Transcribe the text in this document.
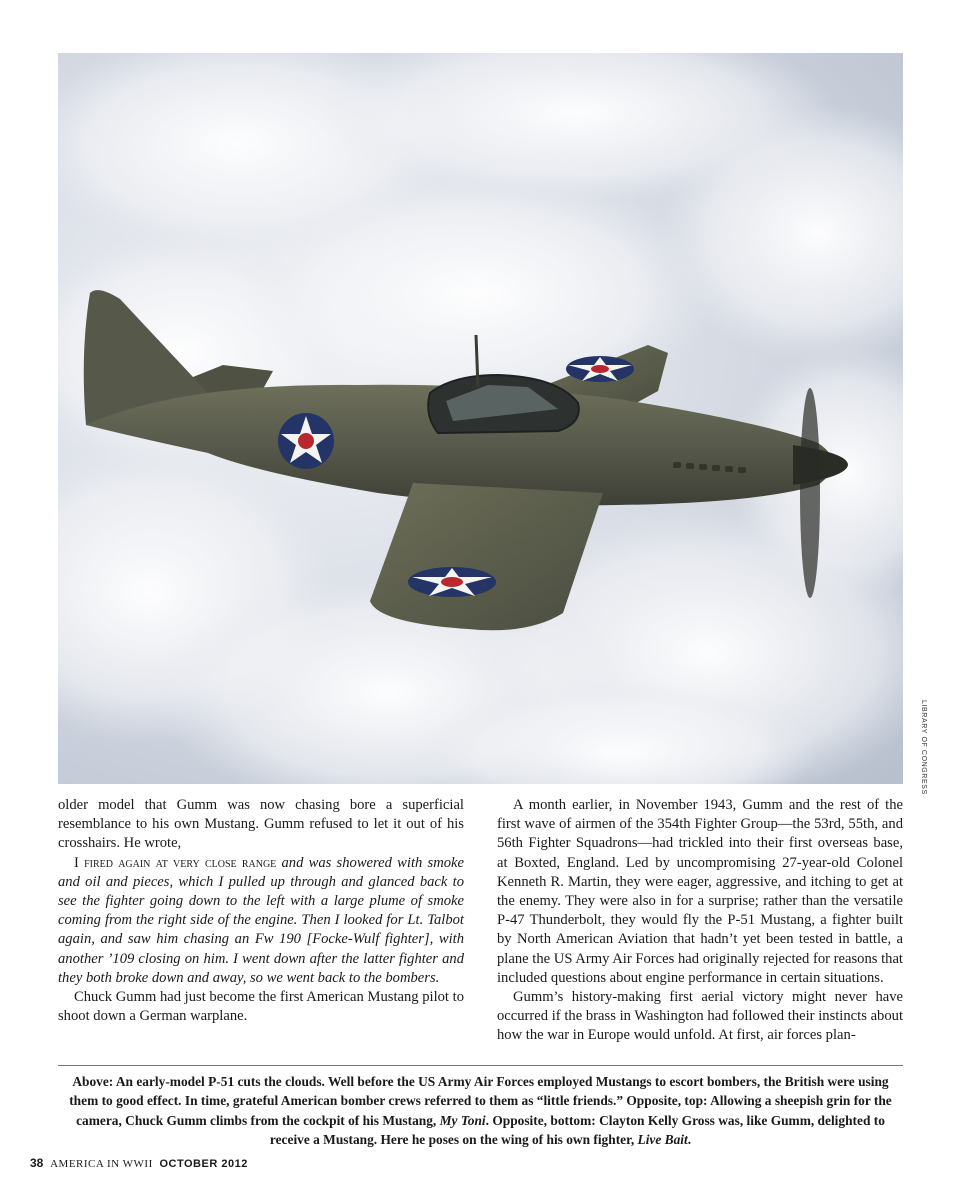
LIBRARY OF CONGRESS

older model that Gumm was now chasing bore a superficial resemblance to his own Mustang. Gumm refused to let it out of his crosshairs. He wrote,

I fired again at very close range and was showered with smoke and oil and pieces, which I pulled up through and glanced back to see the fighter going down to the left with a large plume of smoke coming from the right side of the engine. Then I looked for Lt. Talbot again, and saw him chasing an Fw 190 [Focke-Wulf fighter], with another ’109 closing on him. I went down after the latter fighter and they both broke down and away, so we went back to the bombers.

Chuck Gumm had just become the first American Mustang pilot to shoot down a German warplane.

A month earlier, in November 1943, Gumm and the rest of the first wave of airmen of the 354th Fighter Group—the 53rd, 55th, and 56th Fighter Squadrons—had trickled into their first overseas base, at Boxted, England. Led by uncompromising 27-year-old Colonel Kenneth R. Martin, they were eager, aggressive, and itching to get at the enemy. They were also in for a surprise; rather than the versatile P-47 Thunderbolt, they would fly the P-51 Mustang, a fighter built by North American Aviation that hadn’t yet been tested in battle, a plane the US Army Air Forces had originally rejected for reasons that included questions about engine performance in certain situations.

Gumm’s history-making first aerial victory might never have occurred if the brass in Washington had followed their instincts about how the war in Europe would unfold. At first, air forces plan-

Above: An early-model P-51 cuts the clouds. Well before the US Army Air Forces employed Mustangs to escort bombers, the British were using them to good effect. In time, grateful American bomber crews referred to them as “little friends.” Opposite, top: Allowing a sheepish grin for the camera, Chuck Gumm climbs from the cockpit of his Mustang, My Toni. Opposite, bottom: Clayton Kelly Gross was, like Gumm, delighted to receive a Mustang. Here he poses on the wing of his own fighter, Live Bait.
38 AMERICA IN WWII OCTOBER 2012
